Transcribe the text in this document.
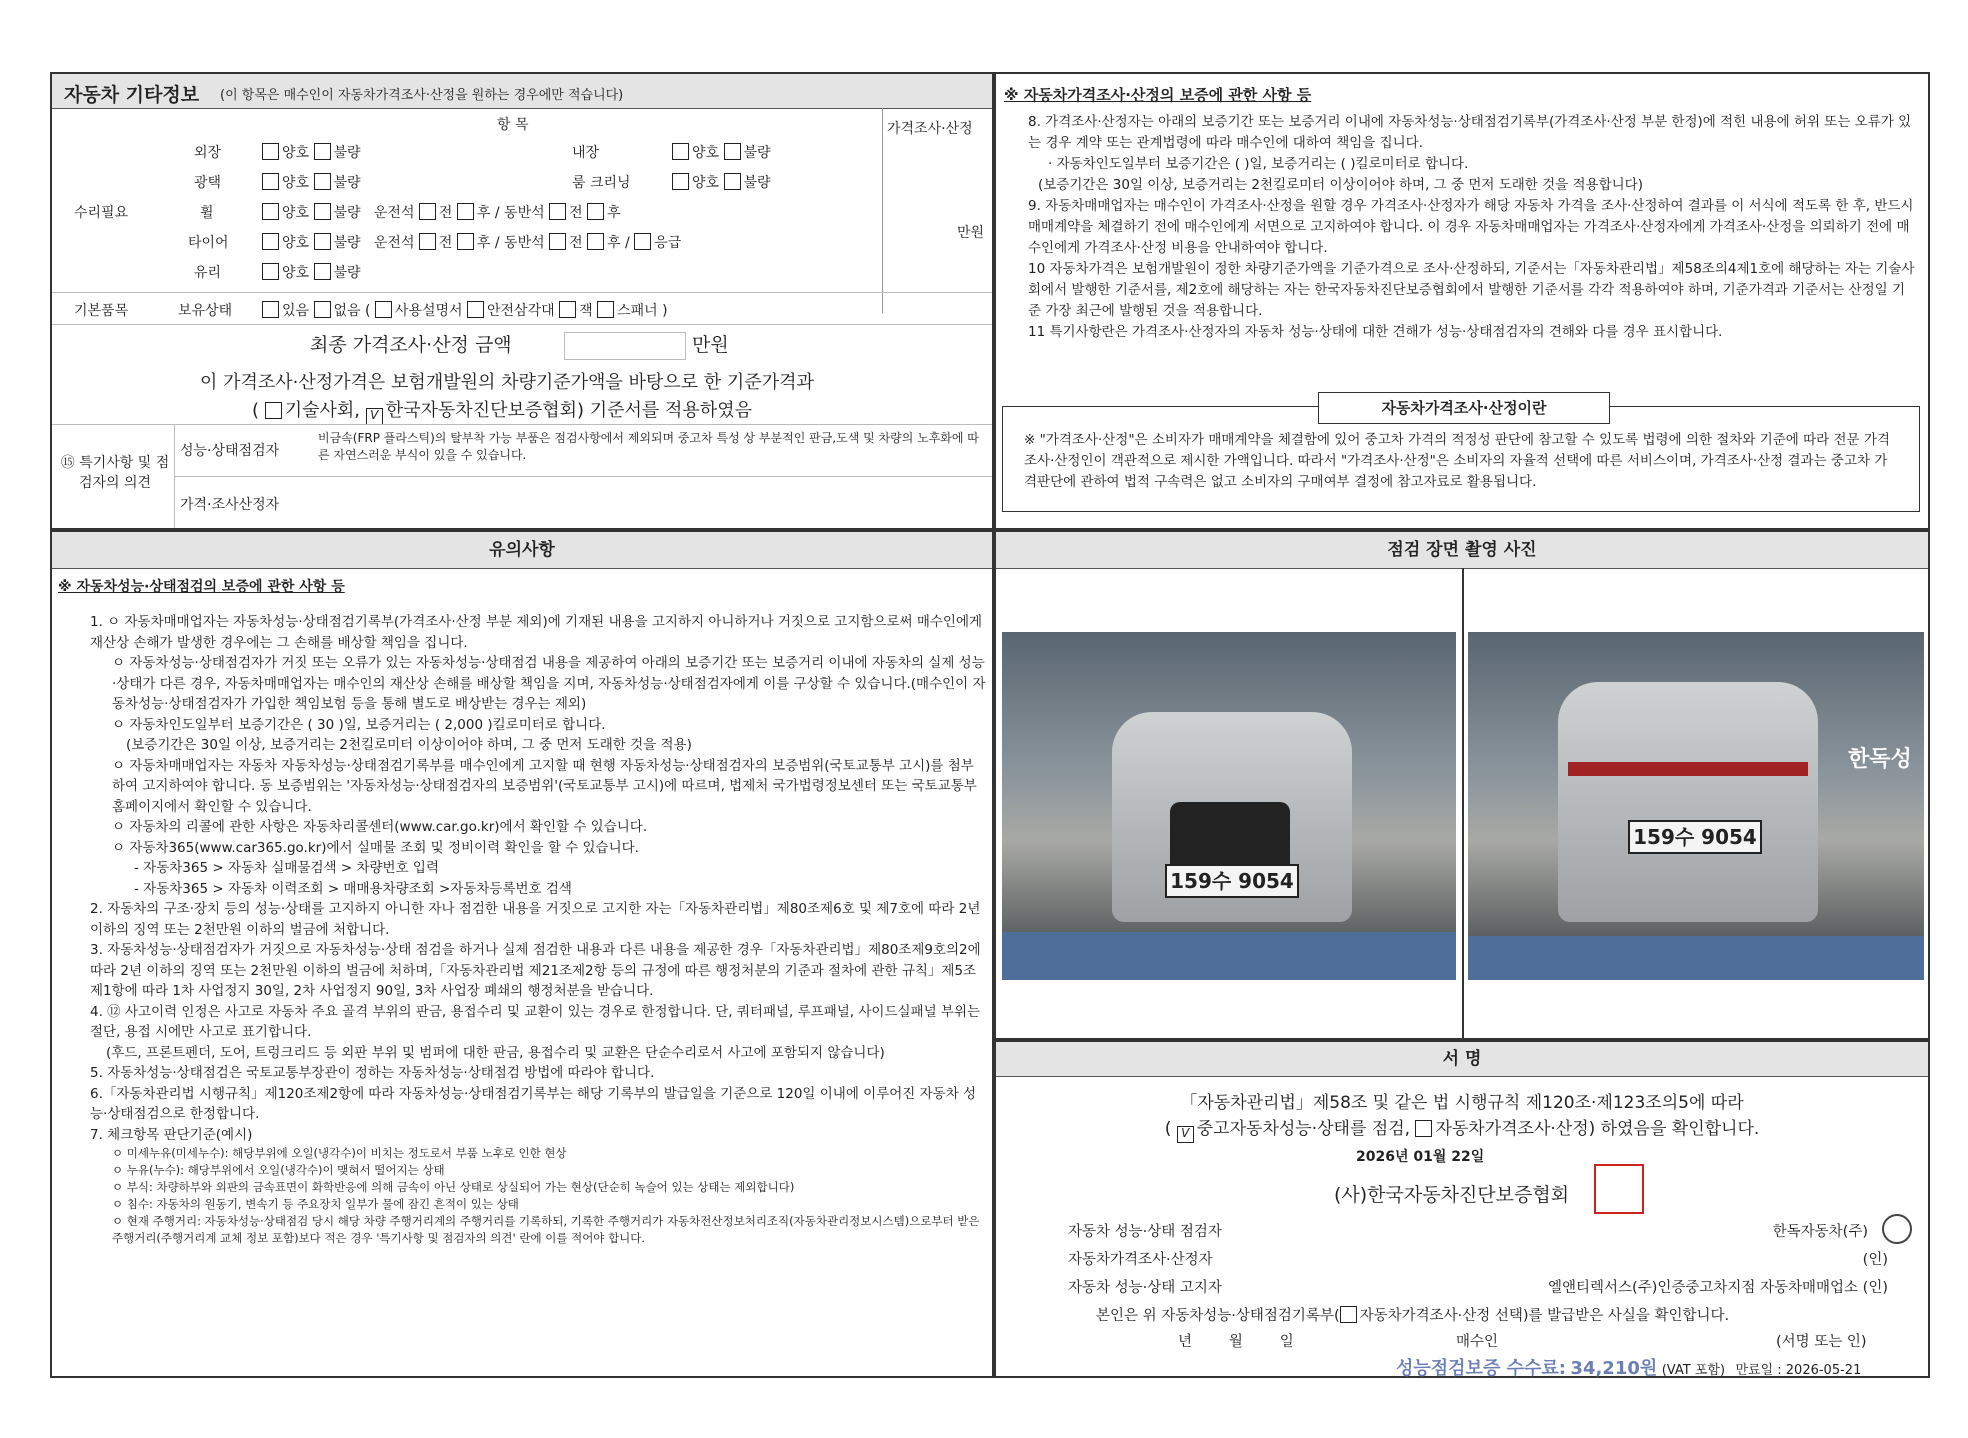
자동차 기타정보 (이 항목은 매수인이 자동차가격조사·산정을 원하는 경우에만 적습니다)
항 목	가격조사·산정
수리필요
외장	양호 불량	내장	양호 불량
광택	양호 불량	룸 크리닝	양호 불량
휠	양호 불량   운전석 전 후 / 동반석 전 후
타이어	양호 불량   운전석 전 후 / 동반석 전 후 / 응급
유리	양호 불량
만원
기본품목	보유상태	있음 없음 ( 사용설명서 안전삼각대 잭 스패너 )
최종 가격조사·산정 금액	만원
이 가격조사·산정가격은 보험개발원의 차량기준가액을 바탕으로 한 기준가격과
( 기술사회, V 한국자동차진단보증협회) 기준서를 적용하였음
⑮ 특기사항 및 점검자의 의견
성능·상태점검자
비금속(FRP 플라스틱)의 탈부착 가능 부품은 점검사항에서 제외되며 중고차 특성 상 부분적인 판금,도색 및 차량의 노후화에 따른 자연스러운 부식이 있을 수 있습니다.
가격·조사산정자
※ 자동차가격조사·산정의 보증에 관한 사항 등
8. 가격조사·산정자는 아래의 보증기간 또는 보증거리 이내에 자동차성능·상태점검기록부(가격조사·산정 부분 한정)에 적힌 내용에 허위 또는 오류가 있는 경우 계약 또는 관계법령에 따라 매수인에 대하여 책임을 집니다.
· 자동차인도일부터 보증기간은 ( )일, 보증거리는 ( )킬로미터로 합니다.
(보증기간은 30일 이상, 보증거리는 2천킬로미터 이상이어야 하며, 그 중 먼저 도래한 것을 적용합니다)
9. 자동차매매업자는 매수인이 가격조사·산정을 원할 경우 가격조사·산정자가 해당 자동차 가격을 조사·산정하여 결과를 이 서식에 적도록 한 후, 반드시 매매계약을 체결하기 전에 매수인에게 서면으로 고지하여야 합니다. 이 경우 자동차매매업자는 가격조사·산정자에게 가격조사·산정을 의뢰하기 전에 매수인에게 가격조사·산정 비용을 안내하여야 합니다.
10 자동차가격은 보험개발원이 정한 차량기준가액을 기준가격으로 조사·산정하되, 기준서는「자동차관리법」제58조의4제1호에 해당하는 자는 기술사회에서 발행한 기준서를, 제2호에 해당하는 자는 한국자동차진단보증협회에서 발행한 기준서를 각각 적용하여야 하며, 기준가격과 기준서는 산정일 기준 가장 최근에 발행된 것을 적용합니다.
11 특기사항란은 가격조사·산정자의 자동차 성능·상태에 대한 견해가 성능·상태점검자의 견해와 다를 경우 표시합니다.
자동차가격조사·산정이란
※ "가격조사·산정"은 소비자가 매매계약을 체결함에 있어 중고차 가격의 적정성 판단에 참고할 수 있도록 법령에 의한 절차와 기준에 따라 전문 가격조사·산정인이 객관적으로 제시한 가액입니다. 따라서 "가격조사·산정"은 소비자의 자율적 선택에 따른 서비스이며, 가격조사·산정 결과는 중고차 가격판단에 관하여 법적 구속력은 없고 소비자의 구매여부 결정에 참고자료로 활용됩니다.
유의사항
※ 자동차성능·상태점검의 보증에 관한 사항 등
1. ㅇ 자동차매매업자는 자동차성능·상태점검기록부(가격조사·산정 부분 제외)에 기재된 내용을 고지하지 아니하거나 거짓으로 고지함으로써 매수인에게 재산상 손해가 발생한 경우에는 그 손해를 배상할 책임을 집니다.
ㅇ 자동차성능·상태점검자가 거짓 또는 오류가 있는 자동차성능·상태점검 내용을 제공하여 아래의 보증기간 또는 보증거리 이내에 자동차의 실제 성능·상태가 다른 경우, 자동차매매업자는 매수인의 재산상 손해를 배상할 책임을 지며, 자동차성능·상태점검자에게 이를 구상할 수 있습니다.(매수인이 자동차성능·상태점검자가 가입한 책임보험 등을 통해 별도로 배상받는 경우는 제외)
ㅇ 자동차인도일부터 보증기간은 ( 30 )일, 보증거리는 ( 2,000 )킬로미터로 합니다.
(보증기간은 30일 이상, 보증거리는 2천킬로미터 이상이어야 하며, 그 중 먼저 도래한 것을 적용)
ㅇ 자동차매매업자는 자동차 자동차성능·상태점검기록부를 매수인에게 고지할 때 현행 자동차성능·상태점검자의 보증범위(국토교통부 고시)를 첨부하여 고지하여야 합니다. 동 보증범위는 '자동차성능·상태점검자의 보증범위'(국토교통부 고시)에 따르며, 법제처 국가법령정보센터 또는 국토교통부 홈페이지에서 확인할 수 있습니다.
ㅇ 자동차의 리콜에 관한 사항은 자동차리콜센터(www.car.go.kr)에서 확인할 수 있습니다.
ㅇ 자동차365(www.car365.go.kr)에서 실매물 조회 및 정비이력 확인을 할 수 있습니다.
- 자동차365 > 자동차 실매물검색 > 차량번호 입력
- 자동차365 > 자동차 이력조회 > 매매용차량조회 >자동차등록번호 검색
2. 자동차의 구조·장치 등의 성능·상태를 고지하지 아니한 자나 점검한 내용을 거짓으로 고지한 자는「자동차관리법」제80조제6호 및 제7호에 따라 2년 이하의 징역 또는 2천만원 이하의 벌금에 처합니다.
3. 자동차성능·상태점검자가 거짓으로 자동차성능·상태 점검을 하거나 실제 점검한 내용과 다른 내용을 제공한 경우「자동차관리법」제80조제9호의2에 따라 2년 이하의 징역 또는 2천만원 이하의 벌금에 처하며,「자동차관리법 제21조제2항 등의 규정에 따른 행정처분의 기준과 절차에 관한 규칙」제5조제1항에 따라 1차 사업정지 30일, 2차 사업정지 90일, 3차 사업장 폐쇄의 행정처분을 받습니다.
4. ⑫ 사고이력 인정은 사고로 자동차 주요 골격 부위의 판금, 용접수리 및 교환이 있는 경우로 한정합니다. 단, 쿼터패널, 루프패널, 사이드실패널 부위는 절단, 용접 시에만 사고로 표기합니다.
(후드, 프론트펜더, 도어, 트렁크리드 등 외판 부위 및 범퍼에 대한 판금, 용접수리 및 교환은 단순수리로서 사고에 포함되지 않습니다)
5. 자동차성능·상태점검은 국토교통부장관이 정하는 자동차성능·상태점검 방법에 따라야 합니다.
6.「자동차관리법 시행규칙」제120조제2항에 따라 자동차성능·상태점검기록부는 해당 기록부의 발급일을 기준으로 120일 이내에 이루어진 자동차 성능·상태점검으로 한정합니다.
7. 체크항목 판단기준(예시)
ㅇ 미세누유(미세누수): 해당부위에 오일(냉각수)이 비치는 정도로서 부품 노후로 인한 현상
ㅇ 누유(누수): 해당부위에서 오일(냉각수)이 맺혀서 떨어지는 상태
ㅇ 부식: 차량하부와 외판의 금속표면이 화학반응에 의해 금속이 아닌 상태로 상실되어 가는 현상(단순히 녹슬어 있는 상태는 제외합니다)
ㅇ 침수: 자동차의 원동기, 변속기 등 주요장치 일부가 물에 잠긴 흔적이 있는 상태
ㅇ 현재 주행거리: 자동차성능·상태점검 당시 해당 차량 주행거리계의 주행거리를 기록하되, 기록한 주행거리가 자동차전산정보처리조직(자동차관리정보시스템)으로부터 받은 주행거리(주행거리계 교체 정보 포함)보다 적은 경우 '특기사항 및 점검자의 의견' 란에 이를 적어야 합니다.
점검 장면 촬영 사진
159수 9054
159수 9054
한독성
서 명
「자동차관리법」제58조 및 같은 법 시행규칙 제120조·제123조의5에 따라
( V 중고자동차성능·상태를 점검, 자동차가격조사·산정) 하였음을 확인합니다.
2026년 01월 22일
(사)한국자동차진단보증협회
자동차 성능·상태 점검자	한독자동차(주)
자동차가격조사·산정자	(인)
자동차 성능·상태 고지자	엘앤티렉서스(주)인증중고차지점 자동차매매업소 (인)
본인은 위 자동차성능·상태점검기록부( 자동차가격조사·산정 선택)를 발급받은 사실을 확인합니다.
년        월        일	매수인	(서명 또는 인)
성능점검보증 수수료: 34,210원 (VAT 포함) 만료일 : 2026-05-21
